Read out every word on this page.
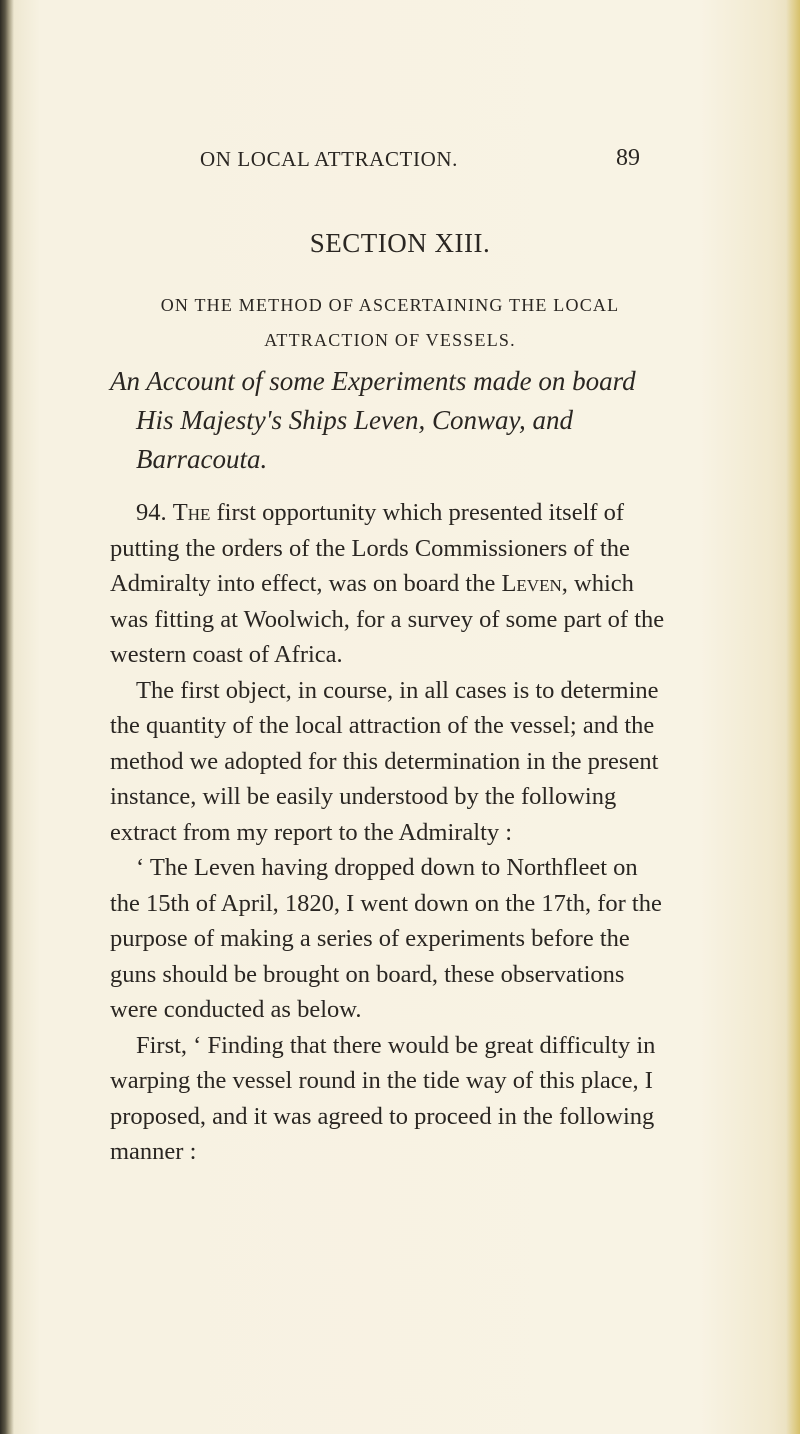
ON LOCAL ATTRACTION.	89
SECTION XIII.
ON THE METHOD OF ASCERTAINING THE LOCAL
ATTRACTION OF VESSELS.
An Account of some Experiments made on board
His Majesty's Ships Leven, Conway, and
Barracouta.

94. The first opportunity which presented itself of putting the orders of the Lords Commissioners of the Admiralty into effect, was on board the Leven, which was fitting at Woolwich, for a survey of some part of the western coast of Africa.

The first object, in course, in all cases is to determine the quantity of the local attraction of the vessel; and the method we adopted for this determination in the present instance, will be easily understood by the following extract from my report to the Admiralty :

‘ The Leven having dropped down to Northfleet on the 15th of April, 1820, I went down on the 17th, for the purpose of making a series of experiments before the guns should be brought on board, these observations were conducted as below.

First, ‘ Finding that there would be great difficulty in warping the vessel round in the tide way of this place, I proposed, and it was agreed to proceed in the following manner :
